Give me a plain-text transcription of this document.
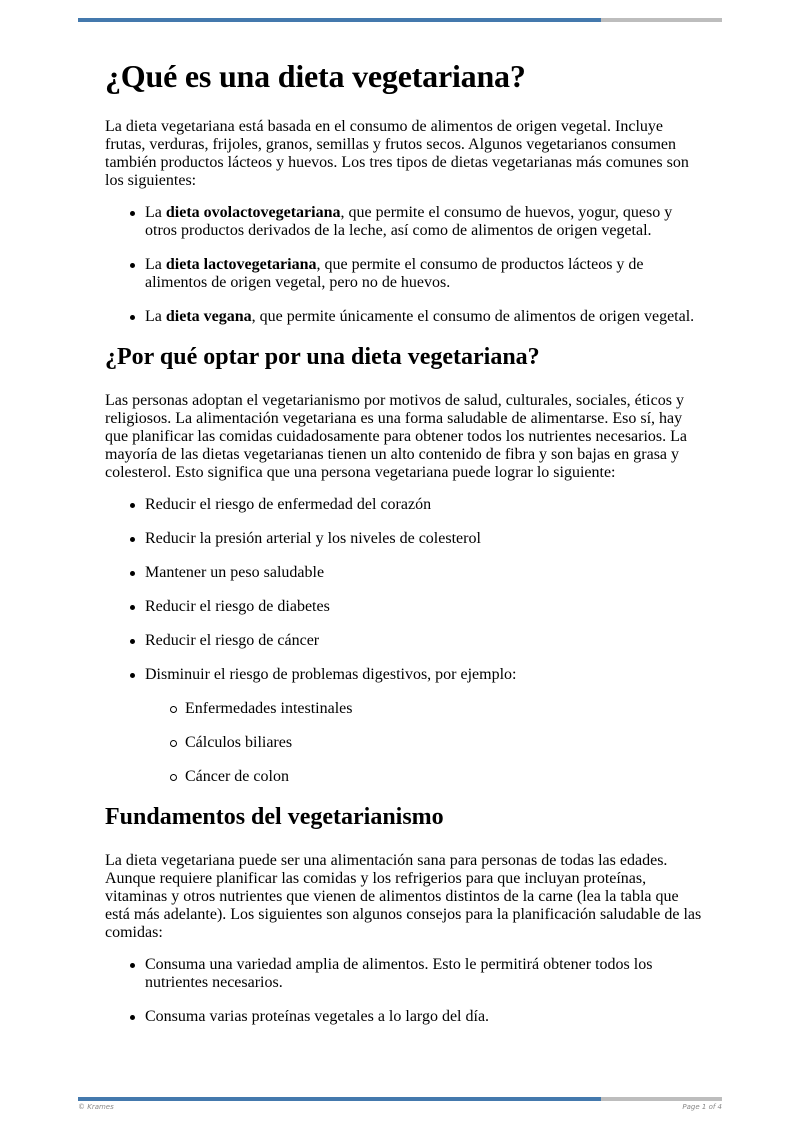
¿Qué es una dieta vegetariana?

La dieta vegetariana está basada en el consumo de alimentos de origen vegetal. Incluye frutas, verduras, frijoles, granos, semillas y frutos secos. Algunos vegetarianos consumen también productos lácteos y huevos. Los tres tipos de dietas vegetarianas más comunes son los siguientes:

La dieta ovolactovegetariana, que permite el consumo de huevos, yogur, queso y otros productos derivados de la leche, así como de alimentos de origen vegetal.
La dieta lactovegetariana, que permite el consumo de productos lácteos y de alimentos de origen vegetal, pero no de huevos.
La dieta vegana, que permite únicamente el consumo de alimentos de origen vegetal.
¿Por qué optar por una dieta vegetariana?

Las personas adoptan el vegetarianismo por motivos de salud, culturales, sociales, éticos y religiosos. La alimentación vegetariana es una forma saludable de alimentarse. Eso sí, hay que planificar las comidas cuidadosamente para obtener todos los nutrientes necesarios. La mayoría de las dietas vegetarianas tienen un alto contenido de fibra y son bajas en grasa y colesterol. Esto significa que una persona vegetariana puede lograr lo siguiente:

Reducir el riesgo de enfermedad del corazón
Reducir la presión arterial y los niveles de colesterol
Mantener un peso saludable
Reducir el riesgo de diabetes
Reducir el riesgo de cáncer
Disminuir el riesgo de problemas digestivos, por ejemplo:
Enfermedades intestinales
Cálculos biliares
Cáncer de colon
Fundamentos del vegetarianismo

La dieta vegetariana puede ser una alimentación sana para personas de todas las edades. Aunque requiere planificar las comidas y los refrigerios para que incluyan proteínas, vitaminas y otros nutrientes que vienen de alimentos distintos de la carne (lea la tabla que está más adelante). Los siguientes son algunos consejos para la planificación saludable de las comidas:

Consuma una variedad amplia de alimentos. Esto le permitirá obtener todos los nutrientes necesarios.
Consuma varias proteínas vegetales a lo largo del día.
© Krames	Page 1 of 4
